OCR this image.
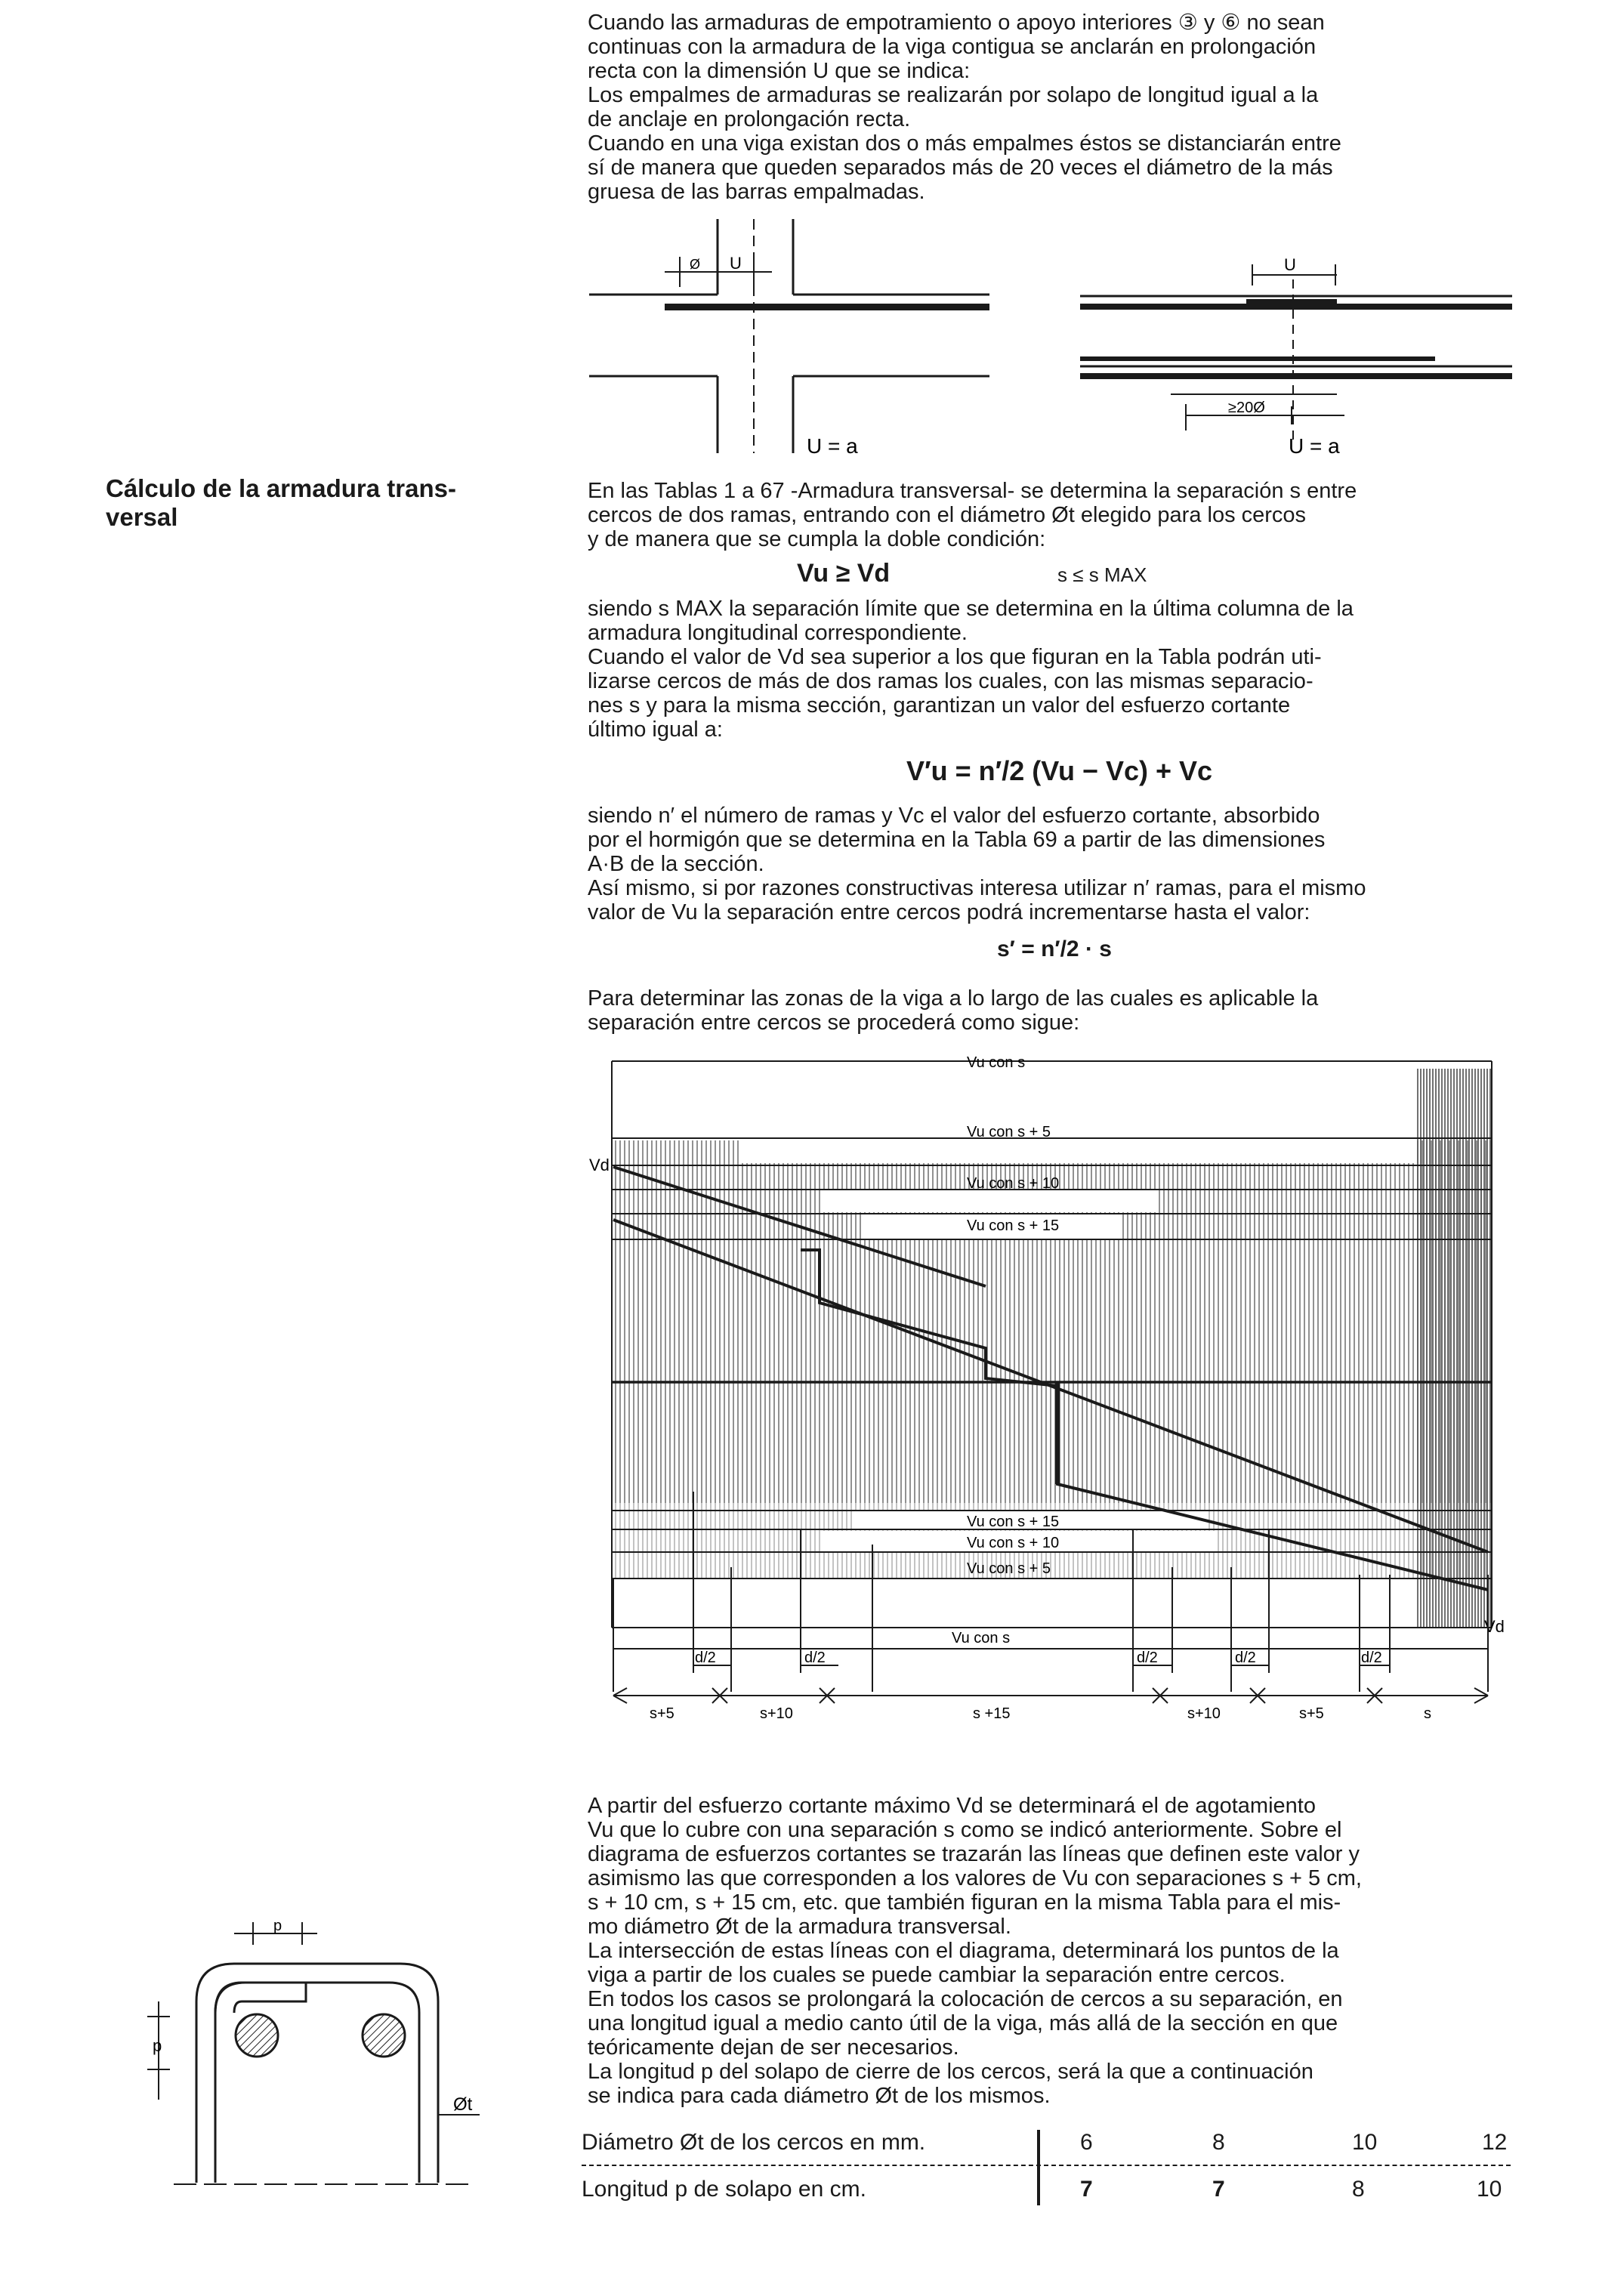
Cuando las armaduras de empotramiento o apoyo interiores ③ y ⑥ no sean
continuas con la armadura de la viga contigua se anclarán en prolongación
recta con la dimensión U que se indica:
Los empalmes de armaduras se realizarán por solapo de longitud igual a la
de anclaje en prolongación recta.
Cuando en una viga existan dos o más empalmes éstos se distanciarán entre
sí de manera que queden separados más de 20 veces el diámetro de la más
gruesa de las barras empalmadas.
U
Ø
U = a
U
≥20Ø
U = a
Cálculo de la armadura trans-
versal
En las Tablas 1 a 67 -Armadura transversal- se determina la separación s entre
cercos de dos ramas, entrando con el diámetro Øt elegido para los cercos
y de manera que se cumpla la doble condición:
Vu ≥ Vd	s ≤ s MAX
siendo s MAX la separación límite que se determina en la última columna de la
armadura longitudinal correspondiente.
Cuando el valor de Vd sea superior a los que figuran en la Tabla podrán uti-
lizarse cercos de más de dos ramas los cuales, con las mismas separacio-
nes s y para la misma sección, garantizan un valor del esfuerzo cortante
último igual a:
V′u = n′/2 (Vu − Vc) + Vc
siendo n′ el número de ramas y Vc el valor del esfuerzo cortante, absorbido
por el hormigón que se determina en la Tabla 69 a partir de las dimensiones
A·B de la sección.
Así mismo, si por razones constructivas interesa utilizar n′ ramas, para el mismo
valor de Vu la separación entre cercos podrá incrementarse hasta el valor:
s′ = n′/2 · s
Para determinar las zonas de la viga a lo largo de las cuales es aplicable la
separación entre cercos se procederá como sigue:
Vu con s
Vu con s + 5
Vu con s + 10
Vu con s + 15
Vu con s + 15
Vu con s + 10
Vu con s + 5
Vu con s
Vd
Vd
d/2	d/2	d/2	d/2	d/2
s+5	s+10	s +15	s+10	s+5	s
A partir del esfuerzo cortante máximo Vd se determinará el de agotamiento
Vu que lo cubre con una separación s como se indicó anteriormente. Sobre el
diagrama de esfuerzos cortantes se trazarán las líneas que definen este valor y
asimismo las que corresponden a los valores de Vu con separaciones s + 5 cm,
s + 10 cm, s + 15 cm, etc. que también figuran en la misma Tabla para el mis-
mo diámetro Øt de la armadura transversal.
La intersección de estas líneas con el diagrama, determinará los puntos de la
viga a partir de los cuales se puede cambiar la separación entre cercos.
En todos los casos se prolongará la colocación de cercos a su separación, en
una longitud igual a medio canto útil de la viga, más allá de la sección en que
teóricamente dejan de ser necesarios.
La longitud p del solapo de cierre de los cercos, será la que a continuación
se indica para cada diámetro Øt de los mismos.
p
p
Øt
Diámetro Øt de los cercos en mm.	6	8	10	12
Longitud p de solapo en cm.	7	7	8	10
